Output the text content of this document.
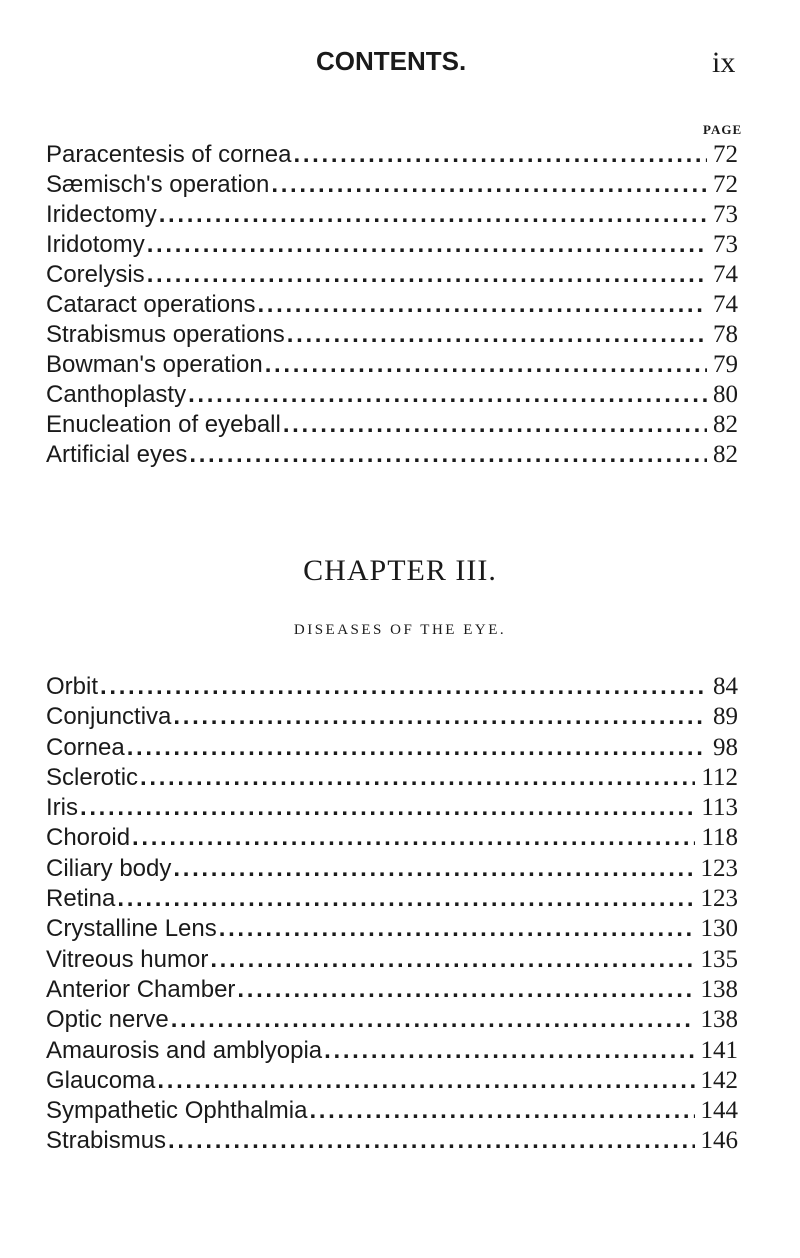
CONTENTS.	ix
PAGE
Paracentesis of cornea . . .	72
Sæmisch's operation . . .	72
Iridectomy . . .	73
Iridotomy . . .	73
Corelysis . . .	74
Cataract operations . . .	74
Strabismus operations . . .	78
Bowman's operation . . .	79
Canthoplasty . . .	80
Enucleation of eyeball . . .	82
Artificial eyes . . .	82
CHAPTER III.
DISEASES OF THE EYE.
Orbit . . .	84
Conjunctiva . . .	89
Cornea . . .	98
Sclerotic . . .	112
Iris . . .	113
Choroid . . .	118
Ciliary body . . .	123
Retina . . .	123
Crystalline Lens . . .	130
Vitreous humor . . .	135
Anterior Chamber . . .	138
Optic nerve . . .	138
Amaurosis and amblyopia . . .	141
Glaucoma . . .	142
Sympathetic Ophthalmia . . .	144
Strabismus . . .	146
